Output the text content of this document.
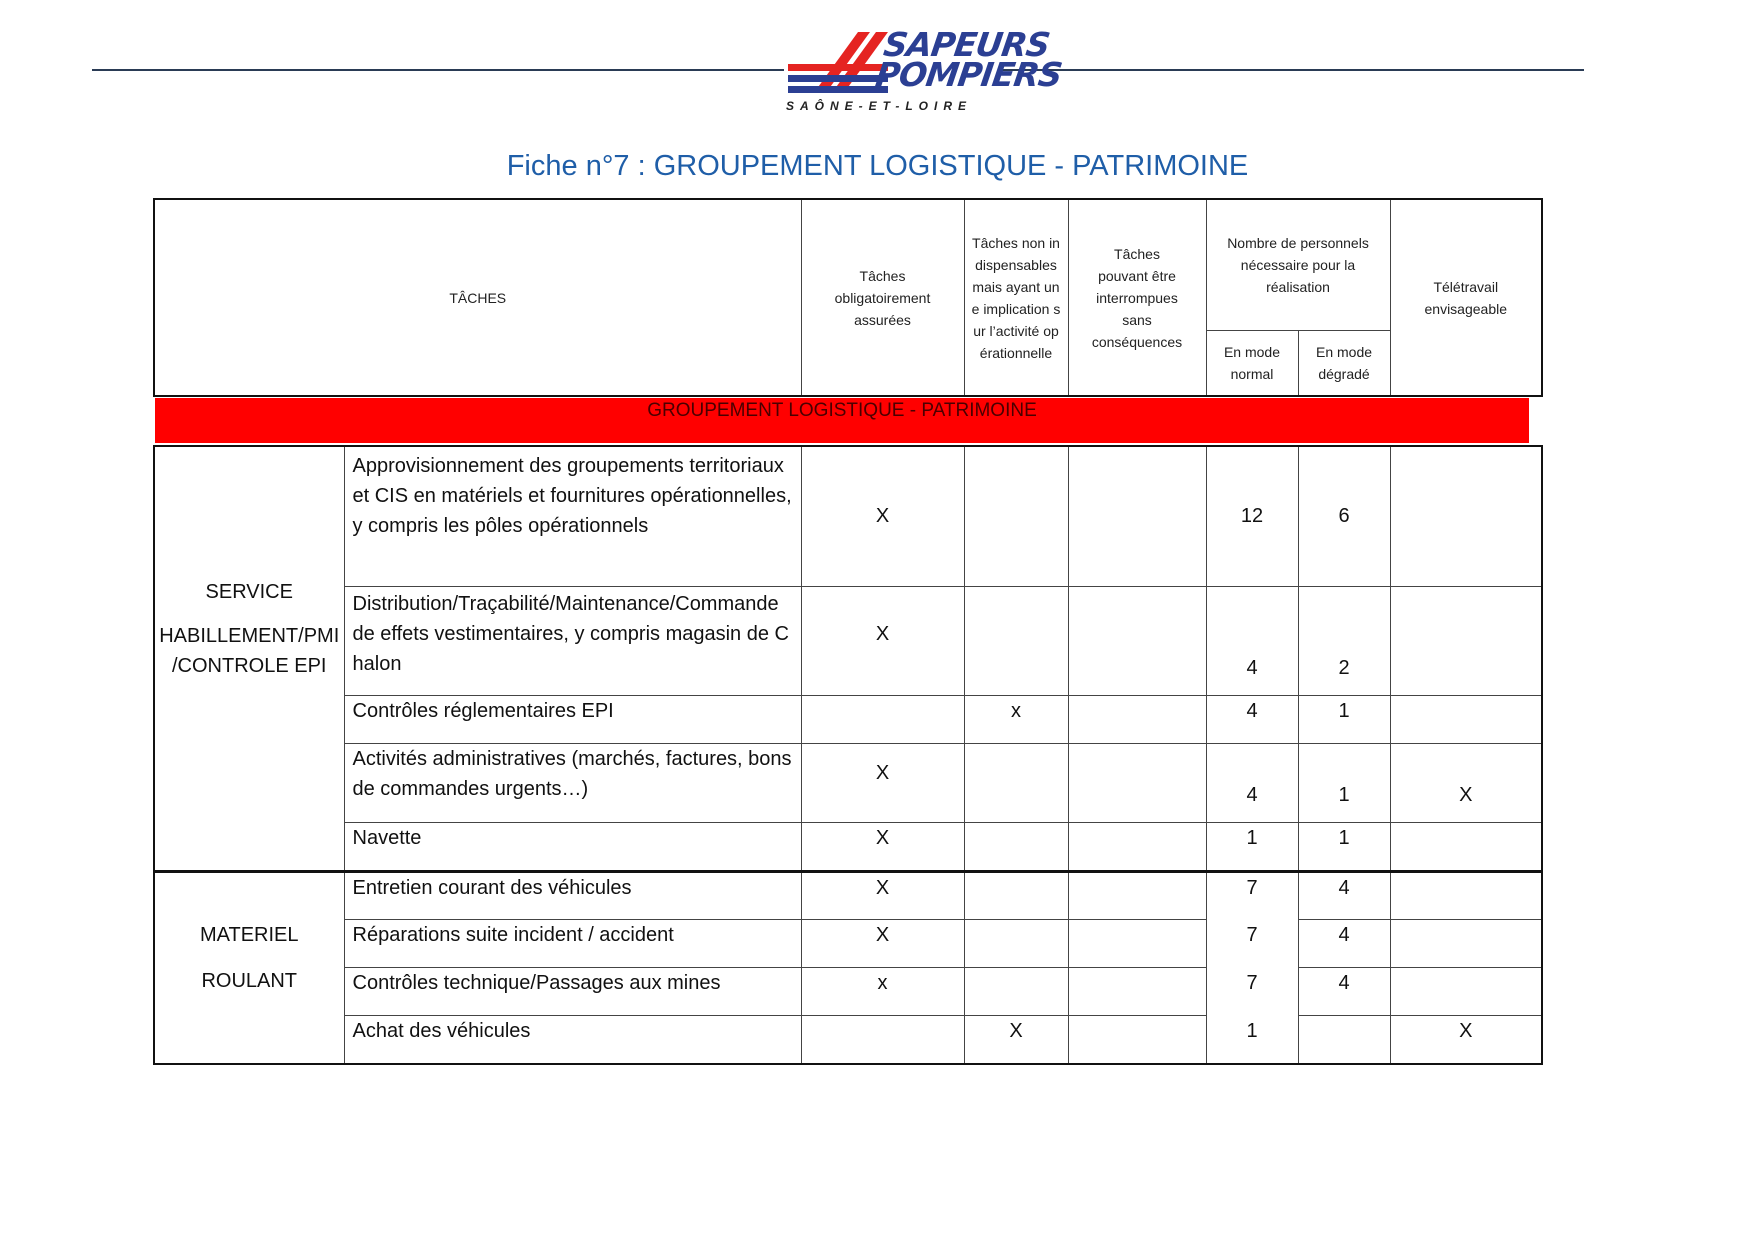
SAPEURS
POMPIERS
SAÔNE-ET-LOIRE
Fiche n°7 : GROUPEMENT LOGISTIQUE - PATRIMOINE
TÂCHES	Tâches obligatoirement assurées	Tâches non indispensables mais ayant une implication sur l’activité opérationnelle	Tâches pouvant être interrompues sans conséquences	Nombre de personnels nécessaire pour la réalisation		Télétravail envisageable
				En mode normal	En mode dégradé	
GROUPEMENT LOGISTIQUE - PATRIMOINE
SERVICE
HABILLEMENT/PMI /CONTROLE EPI	Approvisionnement des groupements territoriaux et CIS en matériels et fournitures opérationnelles, y compris les pôles opérationnels	X			12	6	
	Distribution/Traçabilité/Maintenance/Commande de effets vestimentaires, y compris magasin de Chalon	X			4	2	
	Contrôles réglementaires EPI		x		4	1	
	Activités administratives (marchés, factures, bons de commandes urgents…)	X			4	1	X
	Navette	X			1	1	
MATERIEL
ROULANT	Entretien courant des véhicules	X			7	4	
	Réparations suite incident / accident	X			7	4	
	Contrôles technique/Passages aux mines	x			7	4	
	Achat des véhicules		X		1		X
